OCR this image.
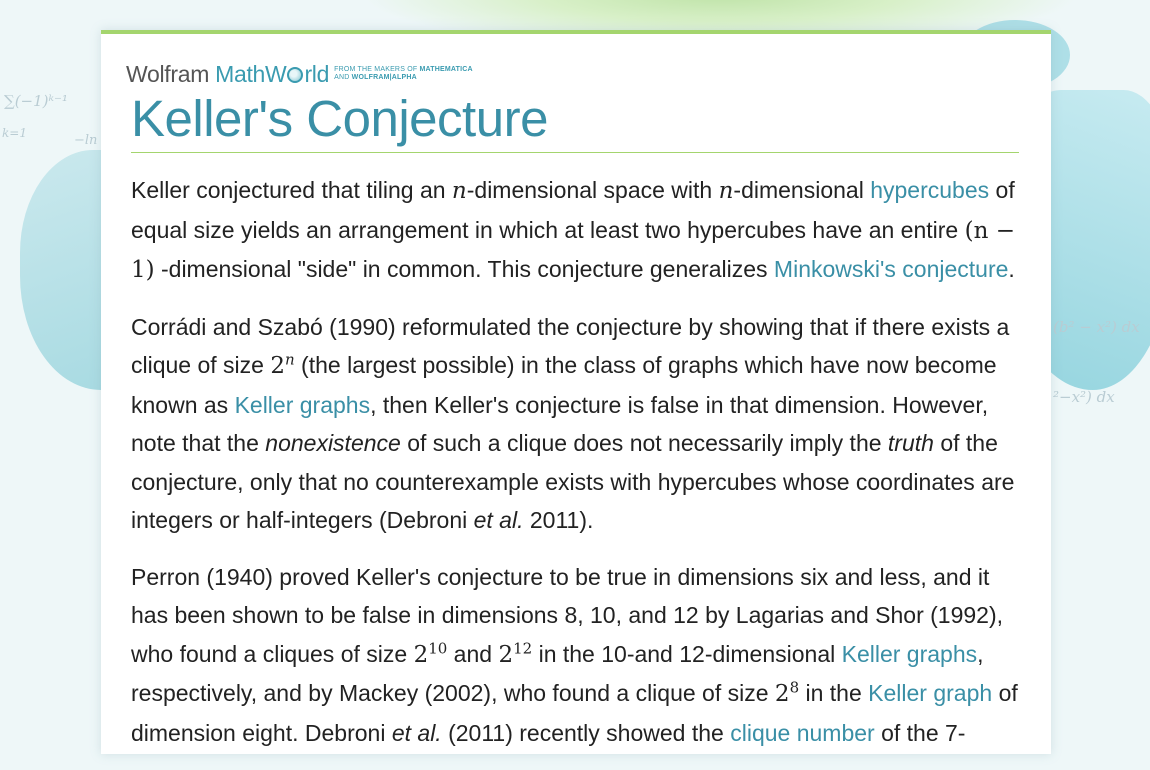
∑(−1)ᵏ⁻¹
k=1	−ln
(b² − x²) dx
²−x²) dx
Wolfram MathW rld FROM THE MAKERS OF MATHEMATICA
AND WOLFRAM|ALPHA
Keller's Conjecture

Keller conjectured that tiling an n-dimensional space with n-dimensional hypercubes of equal size yields an arrangement in which at least two hypercubes have an entire (n − 1) -dimensional "side" in common. This conjecture generalizes Minkowski's conjecture.

Corrádi and Szabó (1990) reformulated the conjecture by showing that if there exists a clique of size 2$^n$ (the largest possible) in the class of graphs which have now become known as Keller graphs, then Keller's conjecture is false in that dimension. However, note that the nonexistence of such a clique does not necessarily imply the truth of the conjecture, only that no counterexample exists with hypercubes whose coordinates are integers or half-integers (Debroni et al. 2011).

Perron (1940) proved Keller's conjecture to be true in dimensions six and less, and it has been shown to be false in dimensions 8, 10, and 12 by Lagarias and Shor (1992), who found a cliques of size $2^{10}$ and $2^{12}$ in the 10-and 12-dimensional Keller graphs, respectively, and by Mackey (2002), who found a clique of size $2^8$ in the Keller graph of dimension eight. Debroni et al. (2011) recently showed the clique number of the 7-
